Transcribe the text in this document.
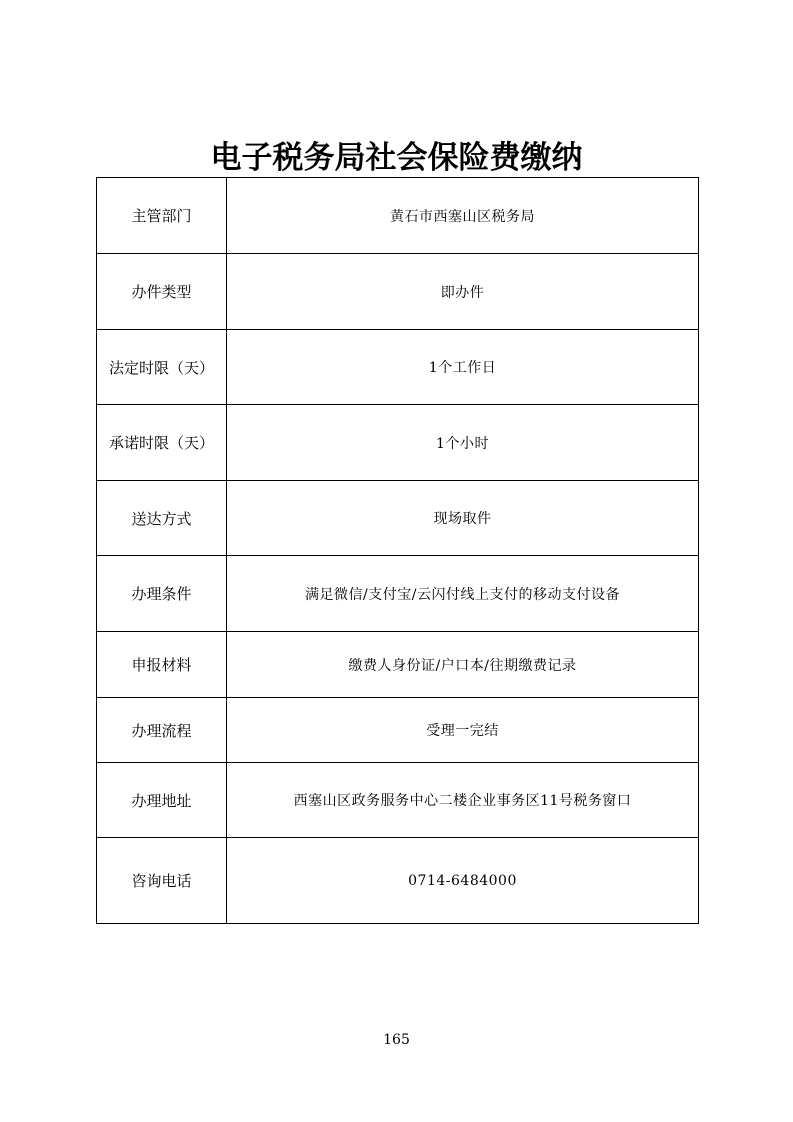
电子税务局社会保险费缴纳
主管部门	黄石市西塞山区税务局
办件类型	即办件
法定时限（天）	1个工作日
承诺时限（天）	1个小时
送达方式	现场取件
办理条件	满足微信/支付宝/云闪付线上支付的移动支付设备
申报材料	缴费人身份证/户口本/往期缴费记录
办理流程	受理一完结
办理地址	西塞山区政务服务中心二楼企业事务区11号税务窗口
咨询电话	0714-6484000
165
